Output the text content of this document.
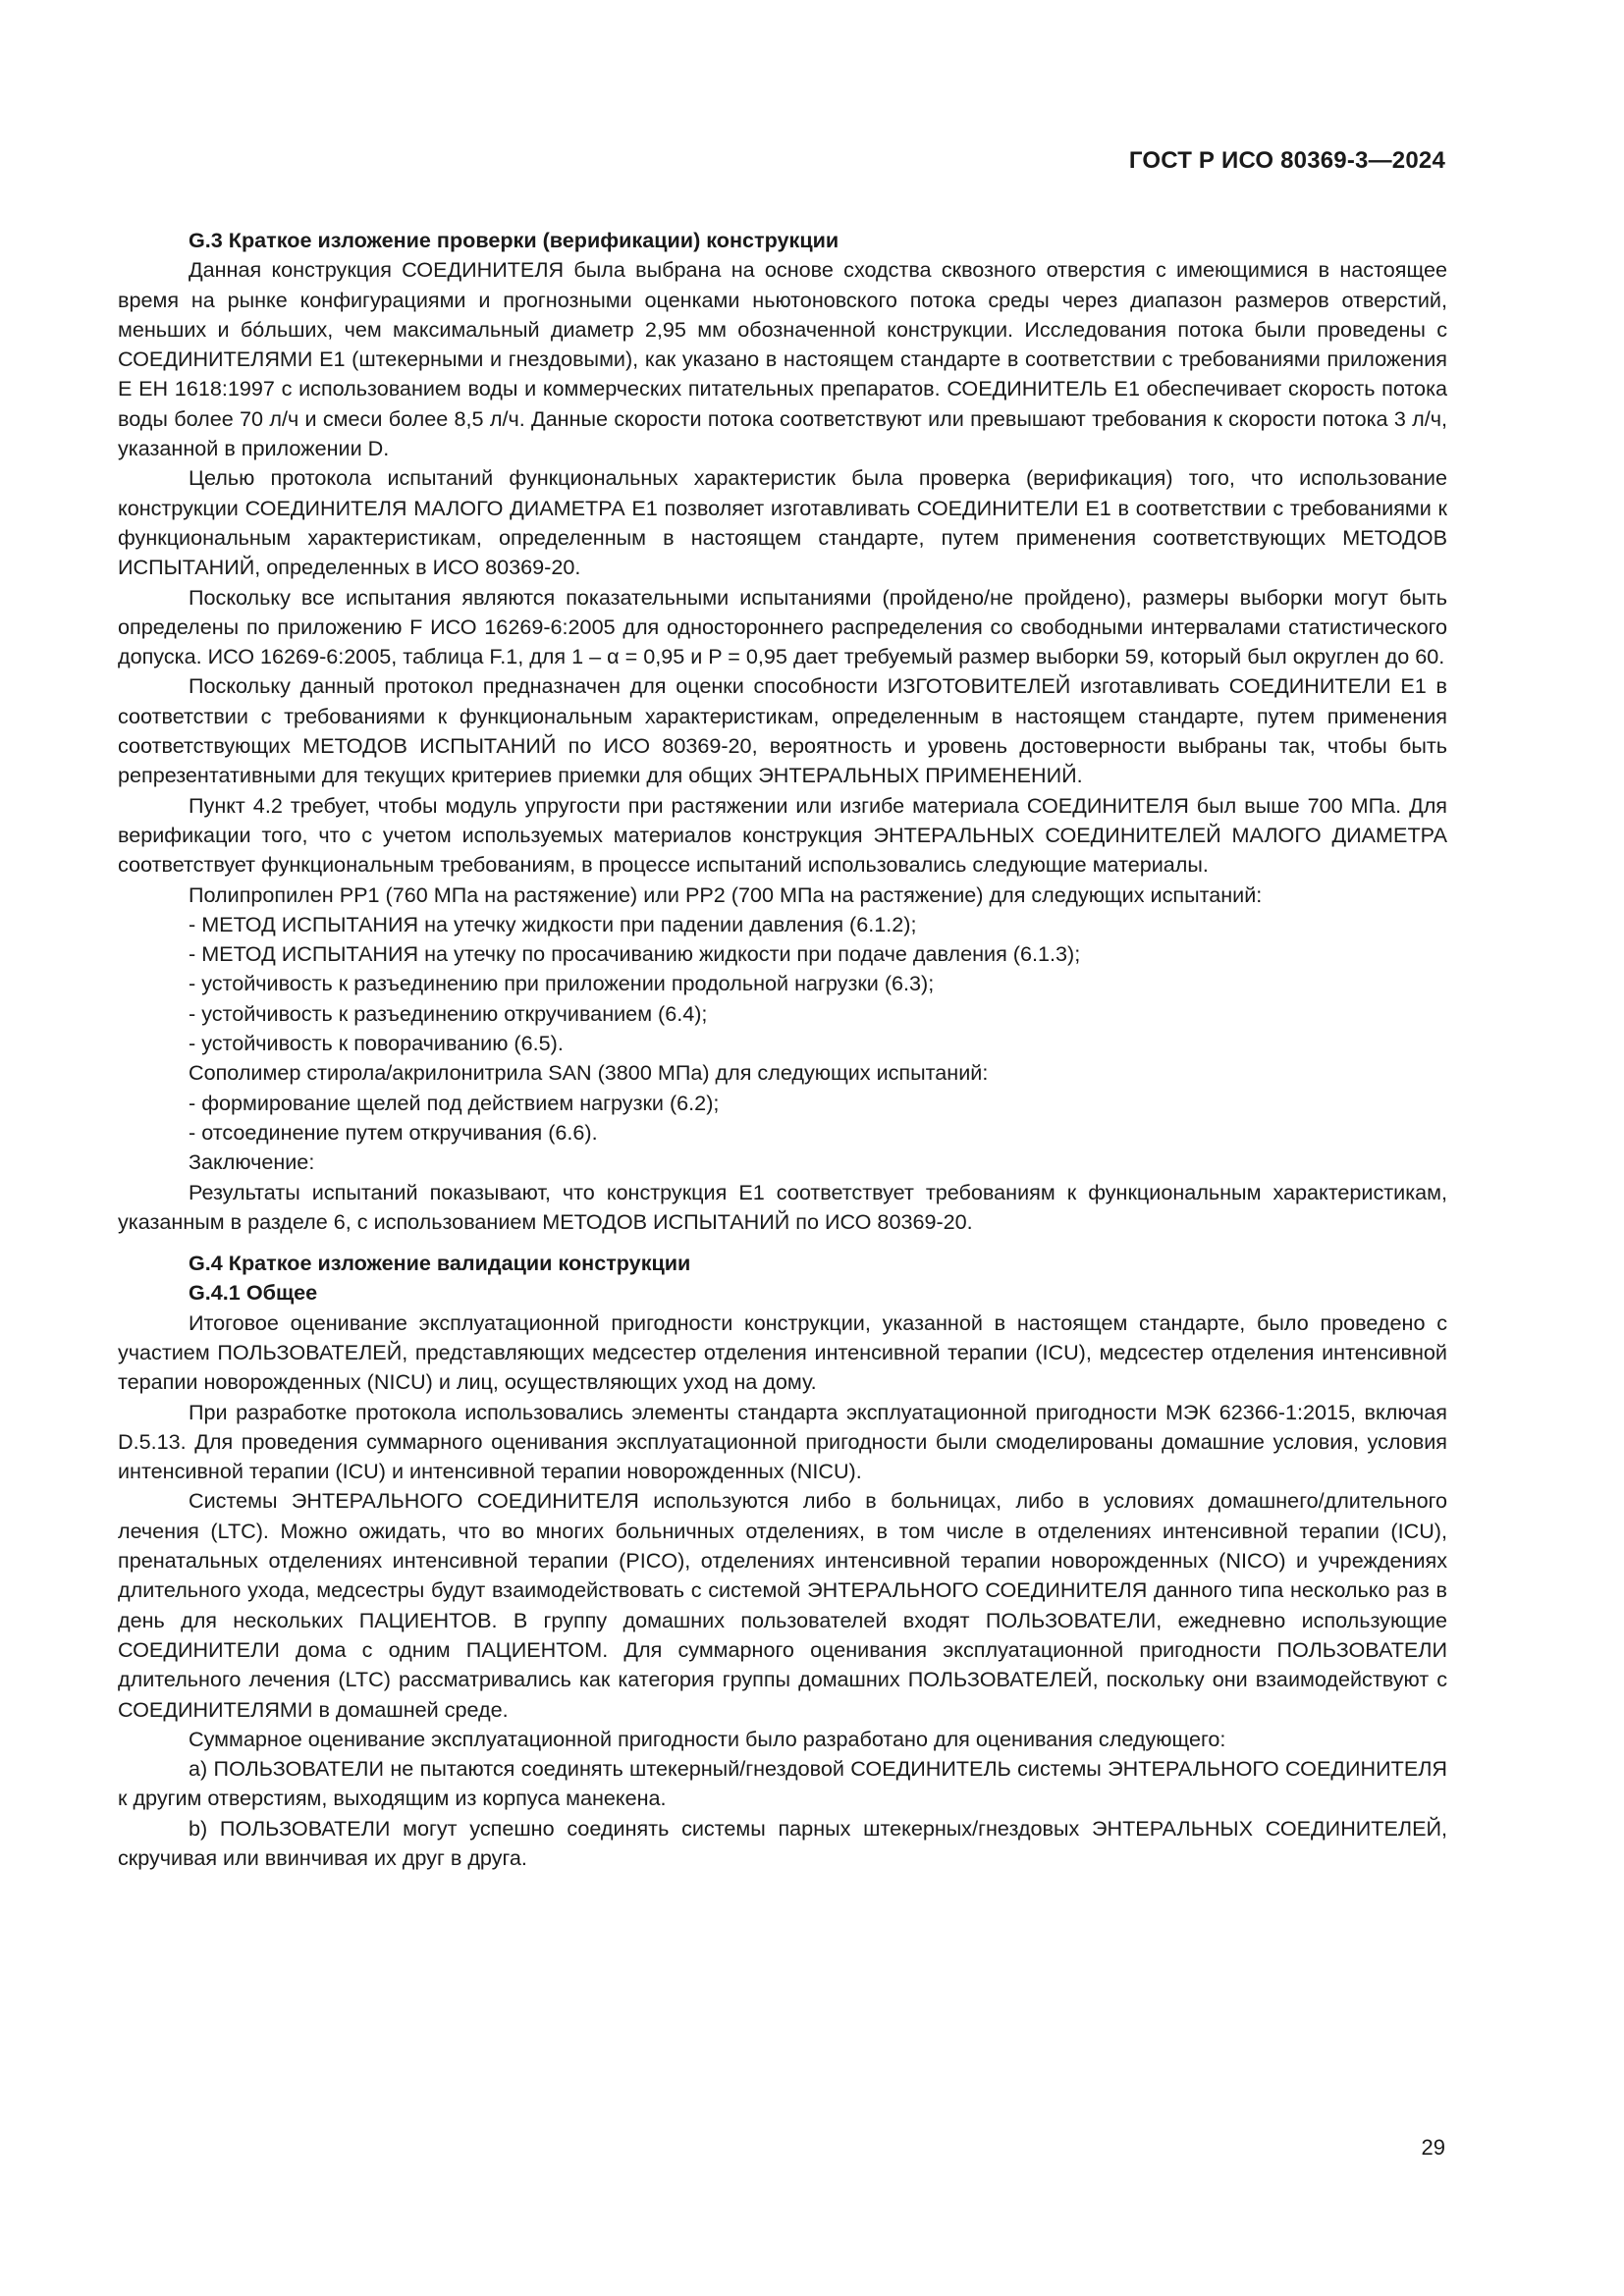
ГОСТ Р ИСО 80369-3—2024

G.3 Краткое изложение проверки (верификации) конструкции

Данная конструкция СОЕДИНИТЕЛЯ была выбрана на основе сходства сквозного отверстия с имеющимися в настоящее время на рынке конфигурациями и прогнозными оценками ньютоновского потока среды через диапазон размеров отверстий, меньших и бо́льших, чем максимальный диаметр 2,95 мм обозначенной конструкции. Исследования потока были проведены с СОЕДИНИТЕЛЯМИ E1 (штекерными и гнездовыми), как указано в настоящем стандарте в соответствии с требованиями приложения E ЕН 1618:1997 с использованием воды и коммерческих питательных препаратов. СОЕДИНИТЕЛЬ E1 обеспечивает скорость потока воды более 70 л/ч и смеси более 8,5 л/ч. Данные скорости потока соответствуют или превышают требования к скорости потока 3 л/ч, указанной в приложении D.

Целью протокола испытаний функциональных характеристик была проверка (верификация) того, что использование конструкции СОЕДИНИТЕЛЯ МАЛОГО ДИАМЕТРА E1 позволяет изготавливать СОЕДИНИТЕЛИ E1 в соответствии с требованиями к функциональным характеристикам, определенным в настоящем стандарте, путем применения соответствующих МЕТОДОВ ИСПЫТАНИЙ, определенных в ИСО 80369-20.

Поскольку все испытания являются показательными испытаниями (пройдено/не пройдено), размеры выборки могут быть определены по приложению F ИСО 16269-6:2005 для одностороннего распределения со свободными интервалами статистического допуска. ИСО 16269-6:2005, таблица F.1, для 1 – α = 0,95 и P = 0,95 дает требуемый размер выборки 59, который был округлен до 60.

Поскольку данный протокол предназначен для оценки способности ИЗГОТОВИТЕЛЕЙ изготавливать СОЕДИНИТЕЛИ E1 в соответствии с требованиями к функциональным характеристикам, определенным в настоящем стандарте, путем применения соответствующих МЕТОДОВ ИСПЫТАНИЙ по ИСО 80369-20, вероятность и уровень достоверности выбраны так, чтобы быть репрезентативными для текущих критериев приемки для общих ЭНТЕРАЛЬНЫХ ПРИМЕНЕНИЙ.

Пункт 4.2 требует, чтобы модуль упругости при растяжении или изгибе материала СОЕДИНИТЕЛЯ был выше 700 МПа. Для верификации того, что с учетом используемых материалов конструкция ЭНТЕРАЛЬНЫХ СОЕДИНИТЕЛЕЙ МАЛОГО ДИАМЕТРА соответствует функциональным требованиям, в процессе испытаний использовались следующие материалы.

Полипропилен PP1 (760 МПа на растяжение) или PP2 (700 МПа на растяжение) для следующих испытаний:

- МЕТОД ИСПЫТАНИЯ на утечку жидкости при падении давления (6.1.2);

- МЕТОД ИСПЫТАНИЯ на утечку по просачиванию жидкости при подаче давления (6.1.3);

- устойчивость к разъединению при приложении продольной нагрузки (6.3);

- устойчивость к разъединению откручиванием (6.4);

- устойчивость к поворачиванию (6.5).

Сополимер стирола/акрилонитрила SAN (3800 МПа) для следующих испытаний:

- формирование щелей под действием нагрузки (6.2);

- отсоединение путем откручивания (6.6).

Заключение:

Результаты испытаний показывают, что конструкция E1 соответствует требованиям к функциональным характеристикам, указанным в разделе 6, с использованием МЕТОДОВ ИСПЫТАНИЙ по ИСО 80369-20.

G.4 Краткое изложение валидации конструкции

G.4.1 Общее

Итоговое оценивание эксплуатационной пригодности конструкции, указанной в настоящем стандарте, было проведено с участием ПОЛЬЗОВАТЕЛЕЙ, представляющих медсестер отделения интенсивной терапии (ICU), медсестер отделения интенсивной терапии новорожденных (NICU) и лиц, осуществляющих уход на дому.

При разработке протокола использовались элементы стандарта эксплуатационной пригодности МЭК 62366-1:2015, включая D.5.13. Для проведения суммарного оценивания эксплуатационной пригодности были смоделированы домашние условия, условия интенсивной терапии (ICU) и интенсивной терапии новорожденных (NICU).

Системы ЭНТЕРАЛЬНОГО СОЕДИНИТЕЛЯ используются либо в больницах, либо в условиях домашнего/длительного лечения (LTC). Можно ожидать, что во многих больничных отделениях, в том числе в отделениях интенсивной терапии (ICU), пренатальных отделениях интенсивной терапии (PICO), отделениях интенсивной терапии новорожденных (NICO) и учреждениях длительного ухода, медсестры будут взаимодействовать с системой ЭНТЕРАЛЬНОГО СОЕДИНИТЕЛЯ данного типа несколько раз в день для нескольких ПАЦИЕНТОВ. В группу домашних пользователей входят ПОЛЬЗОВАТЕЛИ, ежедневно использующие СОЕДИНИТЕЛИ дома с одним ПАЦИЕНТОМ. Для суммарного оценивания эксплуатационной пригодности ПОЛЬЗОВАТЕЛИ длительного лечения (LTC) рассматривались как категория группы домашних ПОЛЬЗОВАТЕЛЕЙ, поскольку они взаимодействуют с СОЕДИНИТЕЛЯМИ в домашней среде.

Суммарное оценивание эксплуатационной пригодности было разработано для оценивания следующего:

a) ПОЛЬЗОВАТЕЛИ не пытаются соединять штекерный/гнездовой СОЕДИНИТЕЛЬ системы ЭНТЕРАЛЬНОГО СОЕДИНИТЕЛЯ к другим отверстиям, выходящим из корпуса манекена.

b) ПОЛЬЗОВАТЕЛИ могут успешно соединять системы парных штекерных/гнездовых ЭНТЕРАЛЬНЫХ СОЕДИНИТЕЛЕЙ, скручивая или ввинчивая их друг в друга.

29
